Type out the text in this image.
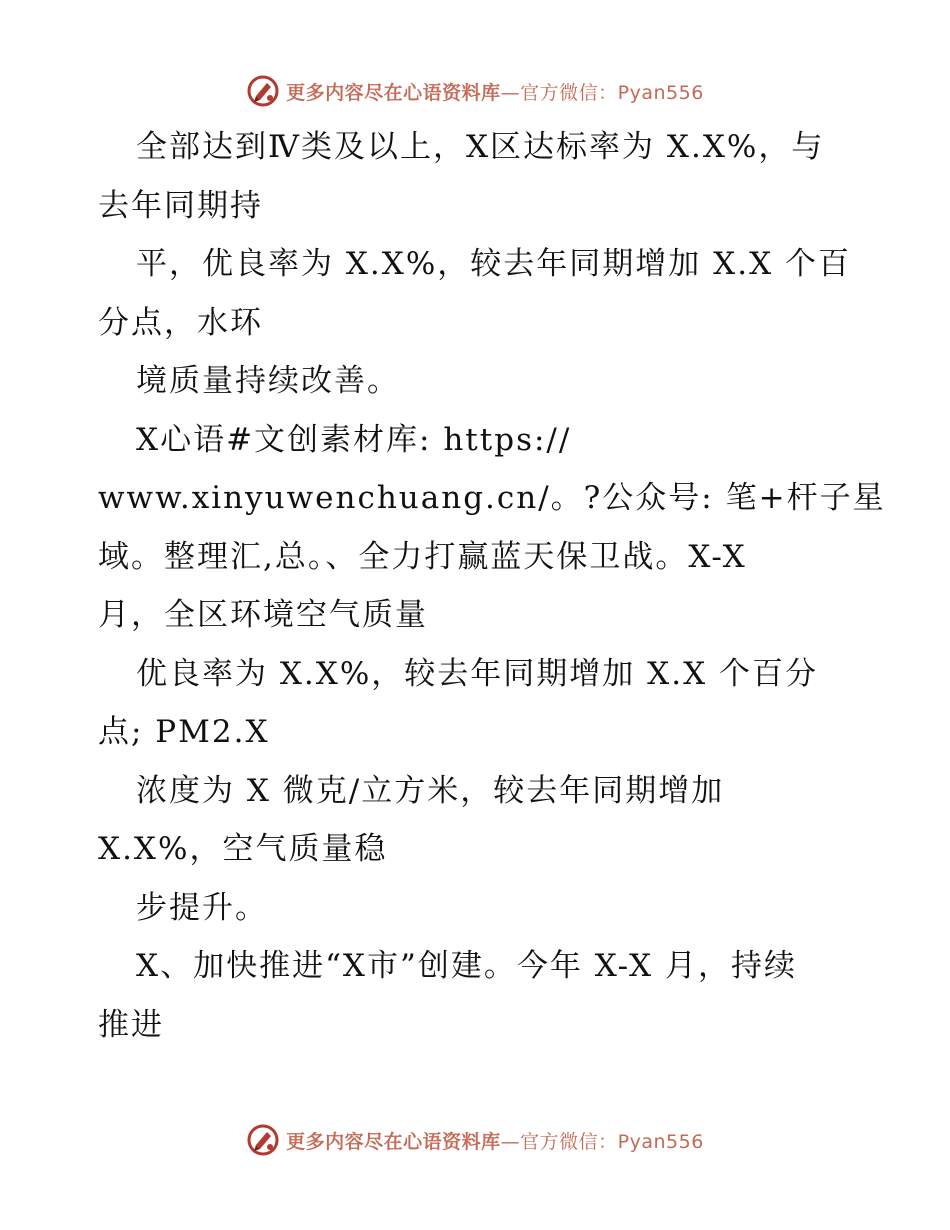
更多内容尽在心语资料库—官方微信：Pyan556
全部达到Ⅳ类及以上，X区达标率为 X.X%，与
去年同期持
平，优良率为 X.X%，较去年同期增加 X.X 个百
分点，水环
境质量持续改善。
X心语#文创素材库: https://
www.xinyuwenchuang.cn/。?公众号: 笔+杆子星
域。整理汇,总。、全力打赢蓝天保卫战。X-X
月，全区环境空气质量
优良率为 X.X%，较去年同期增加 X.X 个百分
点; PM2.X
浓度为 X 微克/立方米，较去年同期增加
X.X%，空气质量稳
步提升。
X、加快推进“X市”创建。今年 X-X 月，持续
推进
更多内容尽在心语资料库—官方微信：Pyan556
